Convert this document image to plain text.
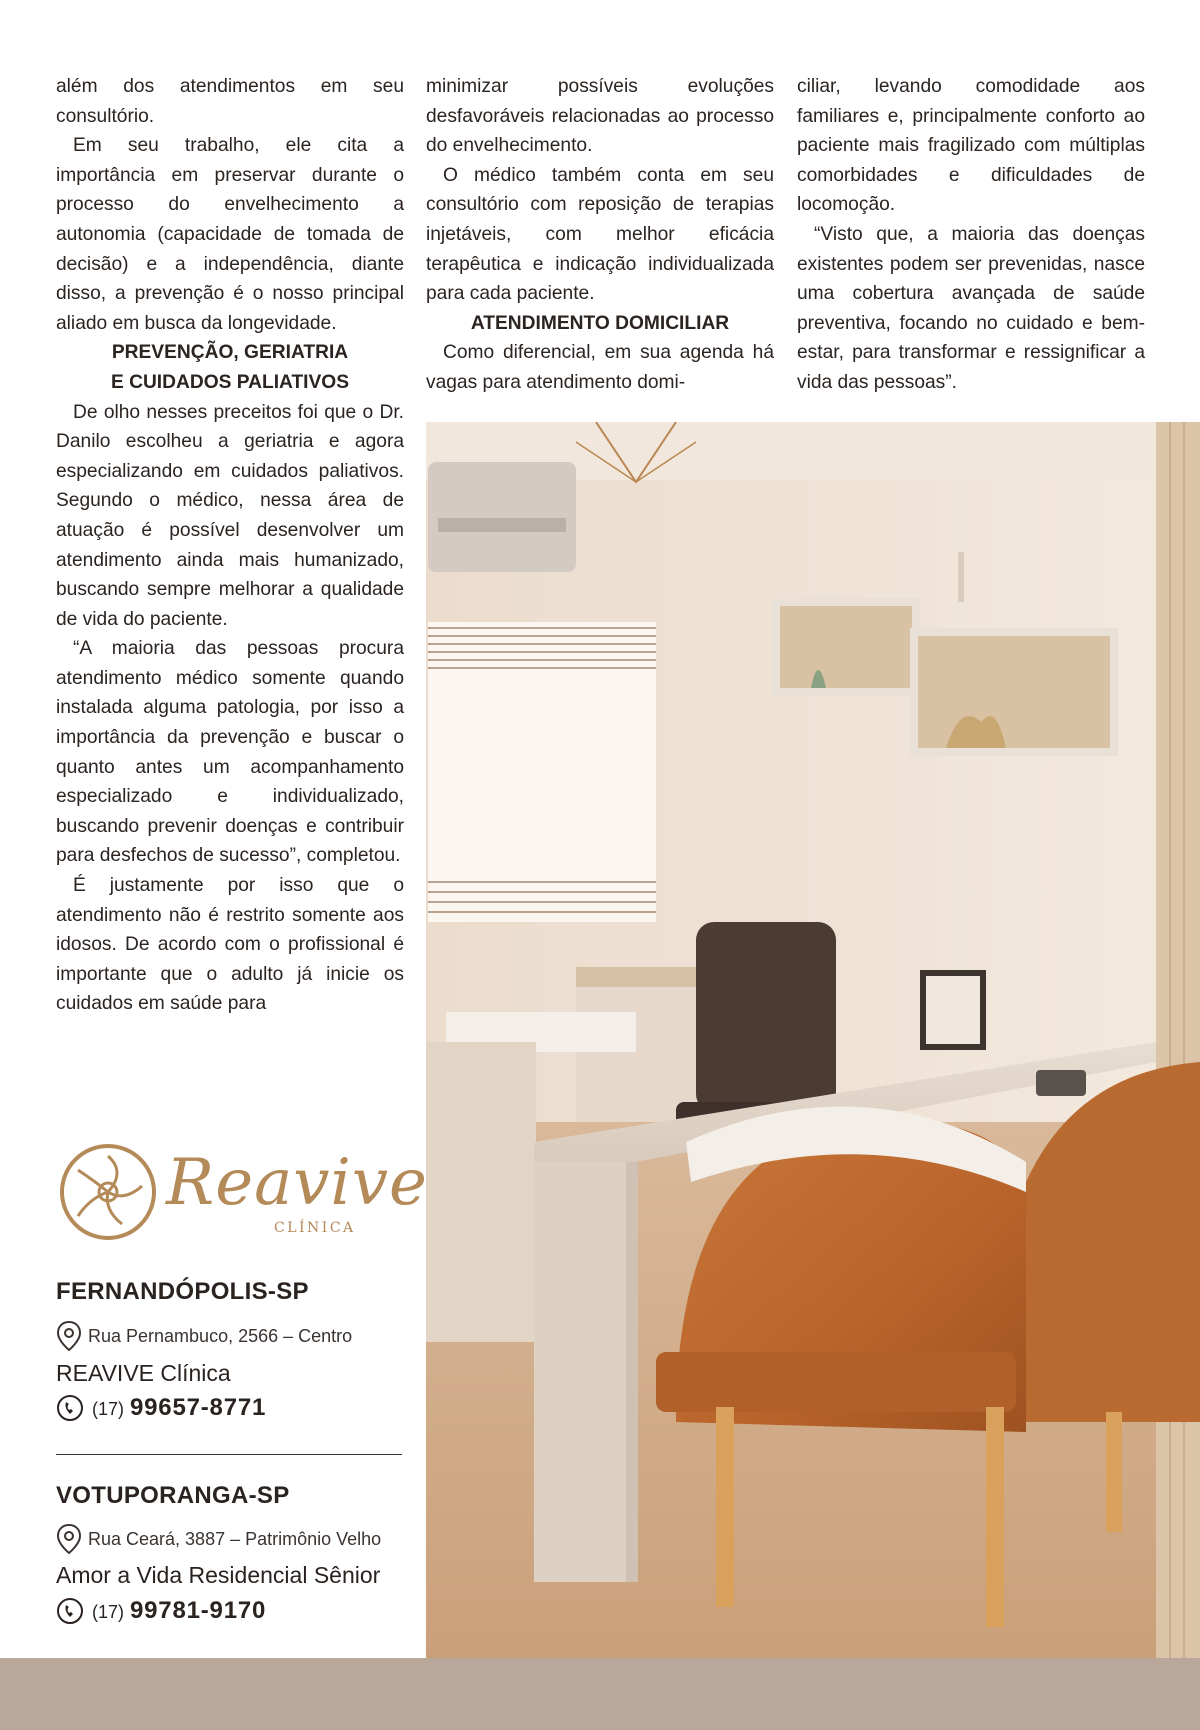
além dos atendimentos em seu consultório.

Em seu trabalho, ele cita a importância em preservar durante o processo do envelhecimento a autonomia (capacidade de tomada de decisão) e a independência, diante disso, a prevenção é o nosso principal aliado em busca da longevidade.

PREVENÇÃO, GERIATRIA
E CUIDADOS PALIATIVOS

De olho nesses preceitos foi que o Dr. Danilo escolheu a geriatria e agora especializando em cuidados paliativos. Segundo o médico, nessa área de atuação é possível desenvolver um atendimento ainda mais humanizado, buscando sempre melhorar a qualidade de vida do paciente.

“A maioria das pessoas procura atendimento médico somente quando instalada alguma patologia, por isso a importância da prevenção e buscar o quanto antes um acompanhamento especializado e individualizado, buscando prevenir doenças e contribuir para desfechos de sucesso”, completou.

É justamente por isso que o atendimento não é restrito somente aos idosos. De acordo com o profissional é importante que o adulto já inicie os cuidados em saúde para

minimizar possíveis evoluções desfavoráveis relacionadas ao processo do envelhecimento.

O médico também conta em seu consultório com reposição de terapias injetáveis, com melhor eficácia terapêutica e indicação individualizada para cada paciente.

ATENDIMENTO DOMICILIAR

Como diferencial, em sua agenda há vagas para atendimento domi-

ciliar, levando comodidade aos familiares e, principalmente conforto ao paciente mais fragilizado com múltiplas comorbidades e dificuldades de locomoção.

“Visto que, a maioria das doenças existentes podem ser prevenidas, nasce uma cobertura avançada de saúde preventiva, focando no cuidado e bem-estar, para transformar e ressignificar a vida das pessoas”.

Reavive
CLÍNICA
FERNANDÓPOLIS-SP
Rua Pernambuco, 2566 – Centro
REAVIVE Clínica
(17) 99657-8771
VOTUPORANGA-SP
Rua Ceará, 3887 – Patrimônio Velho
Amor a Vida Residencial Sênior
(17) 99781-9170
